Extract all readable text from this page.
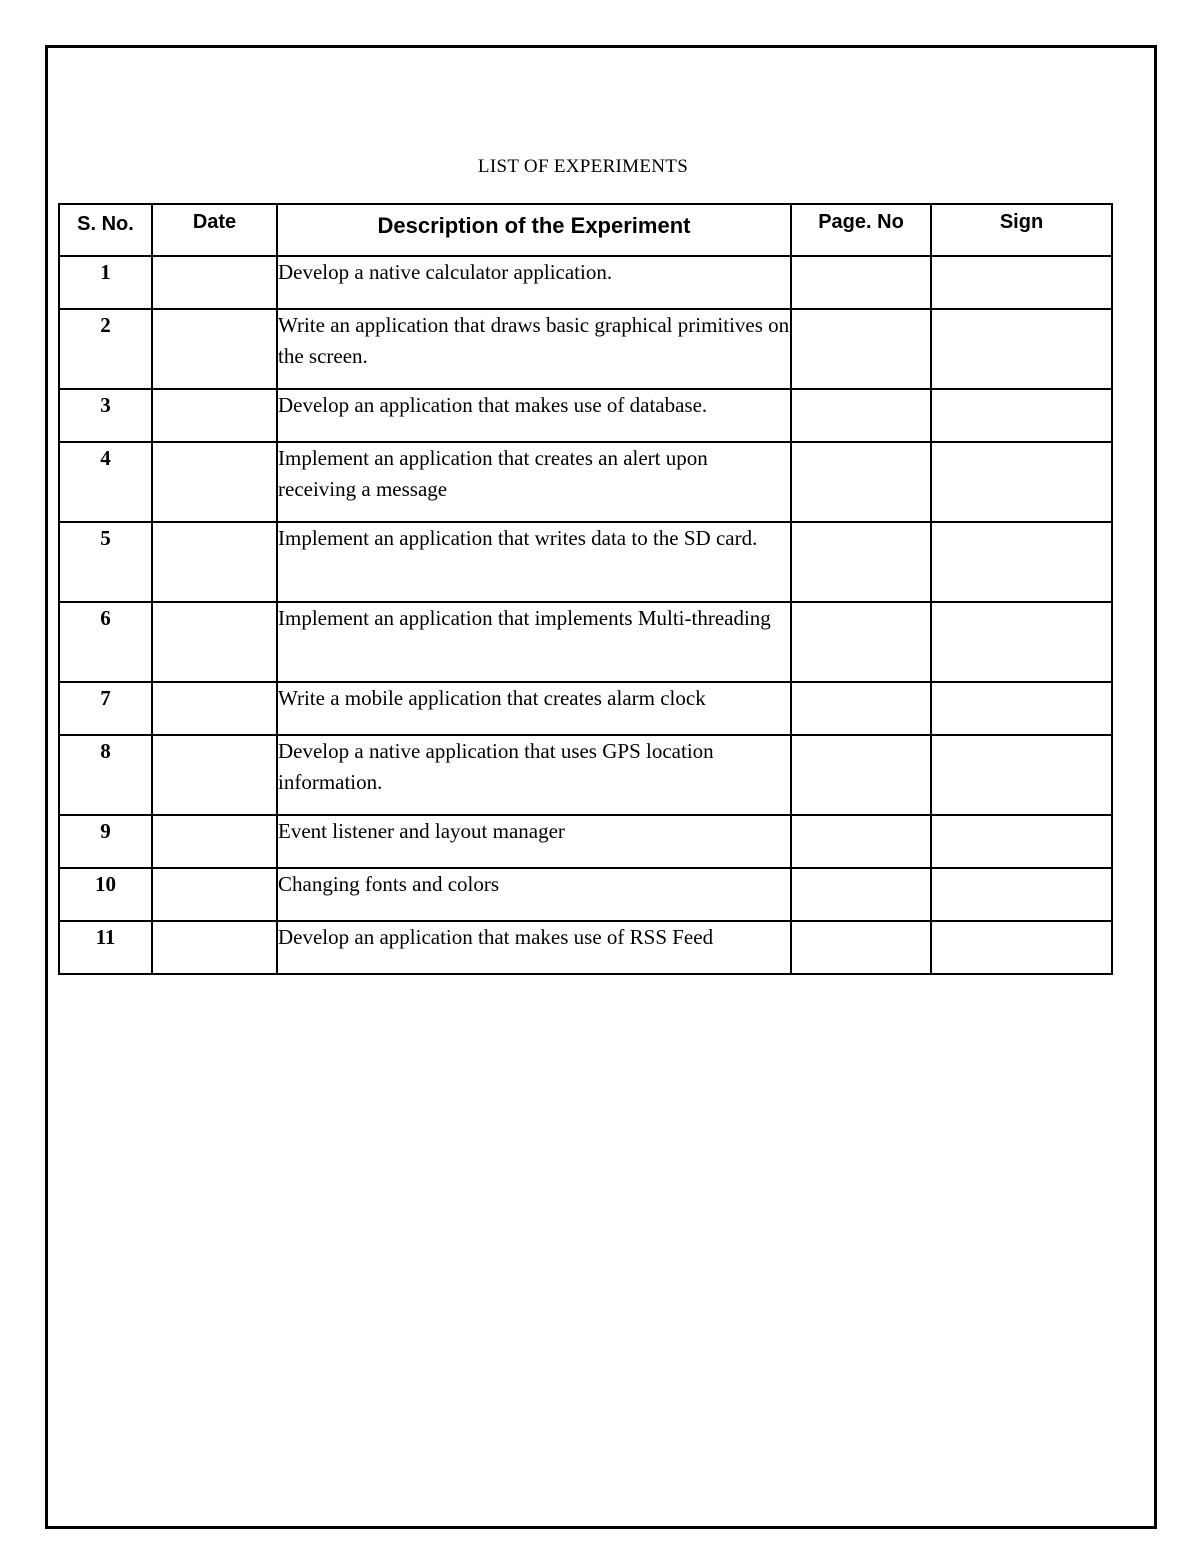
LIST OF EXPERIMENTS
S. No.	Date	Description of the Experiment	Page. No	Sign
1		Develop a native calculator application.		
2		Write an application that draws basic graphical primitives on the screen.		
3		Develop an application that makes use of database.		
4		Implement an application that creates an alert upon receiving a message		
5		Implement an application that writes data to the SD card.		
6		Implement an application that implements Multi-threading		
7		Write a mobile application that creates alarm clock		
8		Develop a native application that uses GPS location information.		
9		Event listener and layout manager		
10		Changing fonts and colors		
11		Develop an application that makes use of RSS Feed		
